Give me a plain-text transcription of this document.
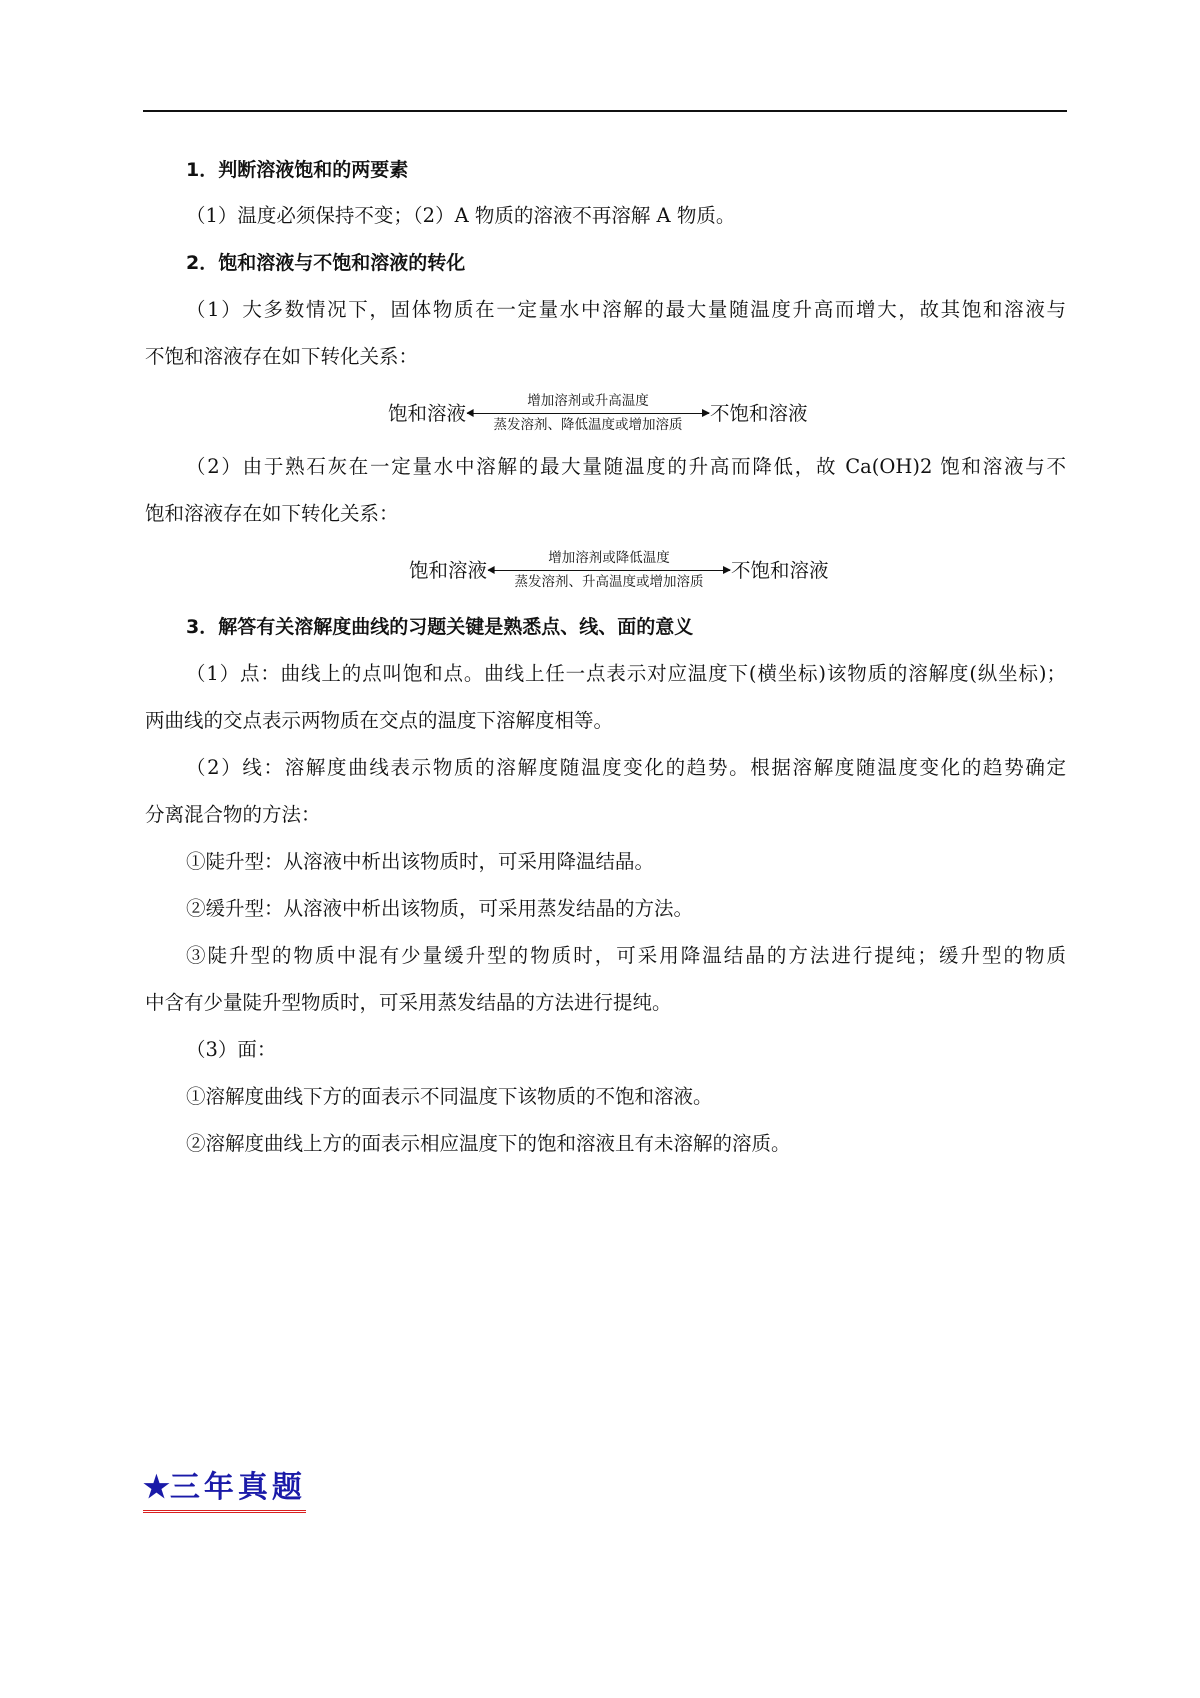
1．判断溶液饱和的两要素
（1）温度必须保持不变；（2）A 物质的溶液不再溶解 A 物质。
2．饱和溶液与不饱和溶液的转化
（1）大多数情况下，固体物质在一定量水中溶解的最大量随温度升高而增大，故其饱和溶液与
不饱和溶液存在如下转化关系：
饱和溶液
增加溶剂或升高温度
蒸发溶剂、降低温度或增加溶质	不饱和溶液
（2）由于熟石灰在一定量水中溶解的最大量随温度的升高而降低，故 Ca(OH)2 饱和溶液与不
饱和溶液存在如下转化关系：
饱和溶液
增加溶剂或降低温度
蒸发溶剂、升高温度或增加溶质	不饱和溶液
3．解答有关溶解度曲线的习题关键是熟悉点、线、面的意义
（1）点：曲线上的点叫饱和点。曲线上任一点表示对应温度下(横坐标)该物质的溶解度(纵坐标)；
两曲线的交点表示两物质在交点的温度下溶解度相等。
（2）线：溶解度曲线表示物质的溶解度随温度变化的趋势。根据溶解度随温度变化的趋势确定
分离混合物的方法：
①陡升型：从溶液中析出该物质时，可采用降温结晶。
②缓升型：从溶液中析出该物质，可采用蒸发结晶的方法。
③陡升型的物质中混有少量缓升型的物质时，可采用降温结晶的方法进行提纯；缓升型的物质
中含有少量陡升型物质时，可采用蒸发结晶的方法进行提纯。
（3）面：
①溶解度曲线下方的面表示不同温度下该物质的不饱和溶液。
②溶解度曲线上方的面表示相应温度下的饱和溶液且有未溶解的溶质。
★三年真题
